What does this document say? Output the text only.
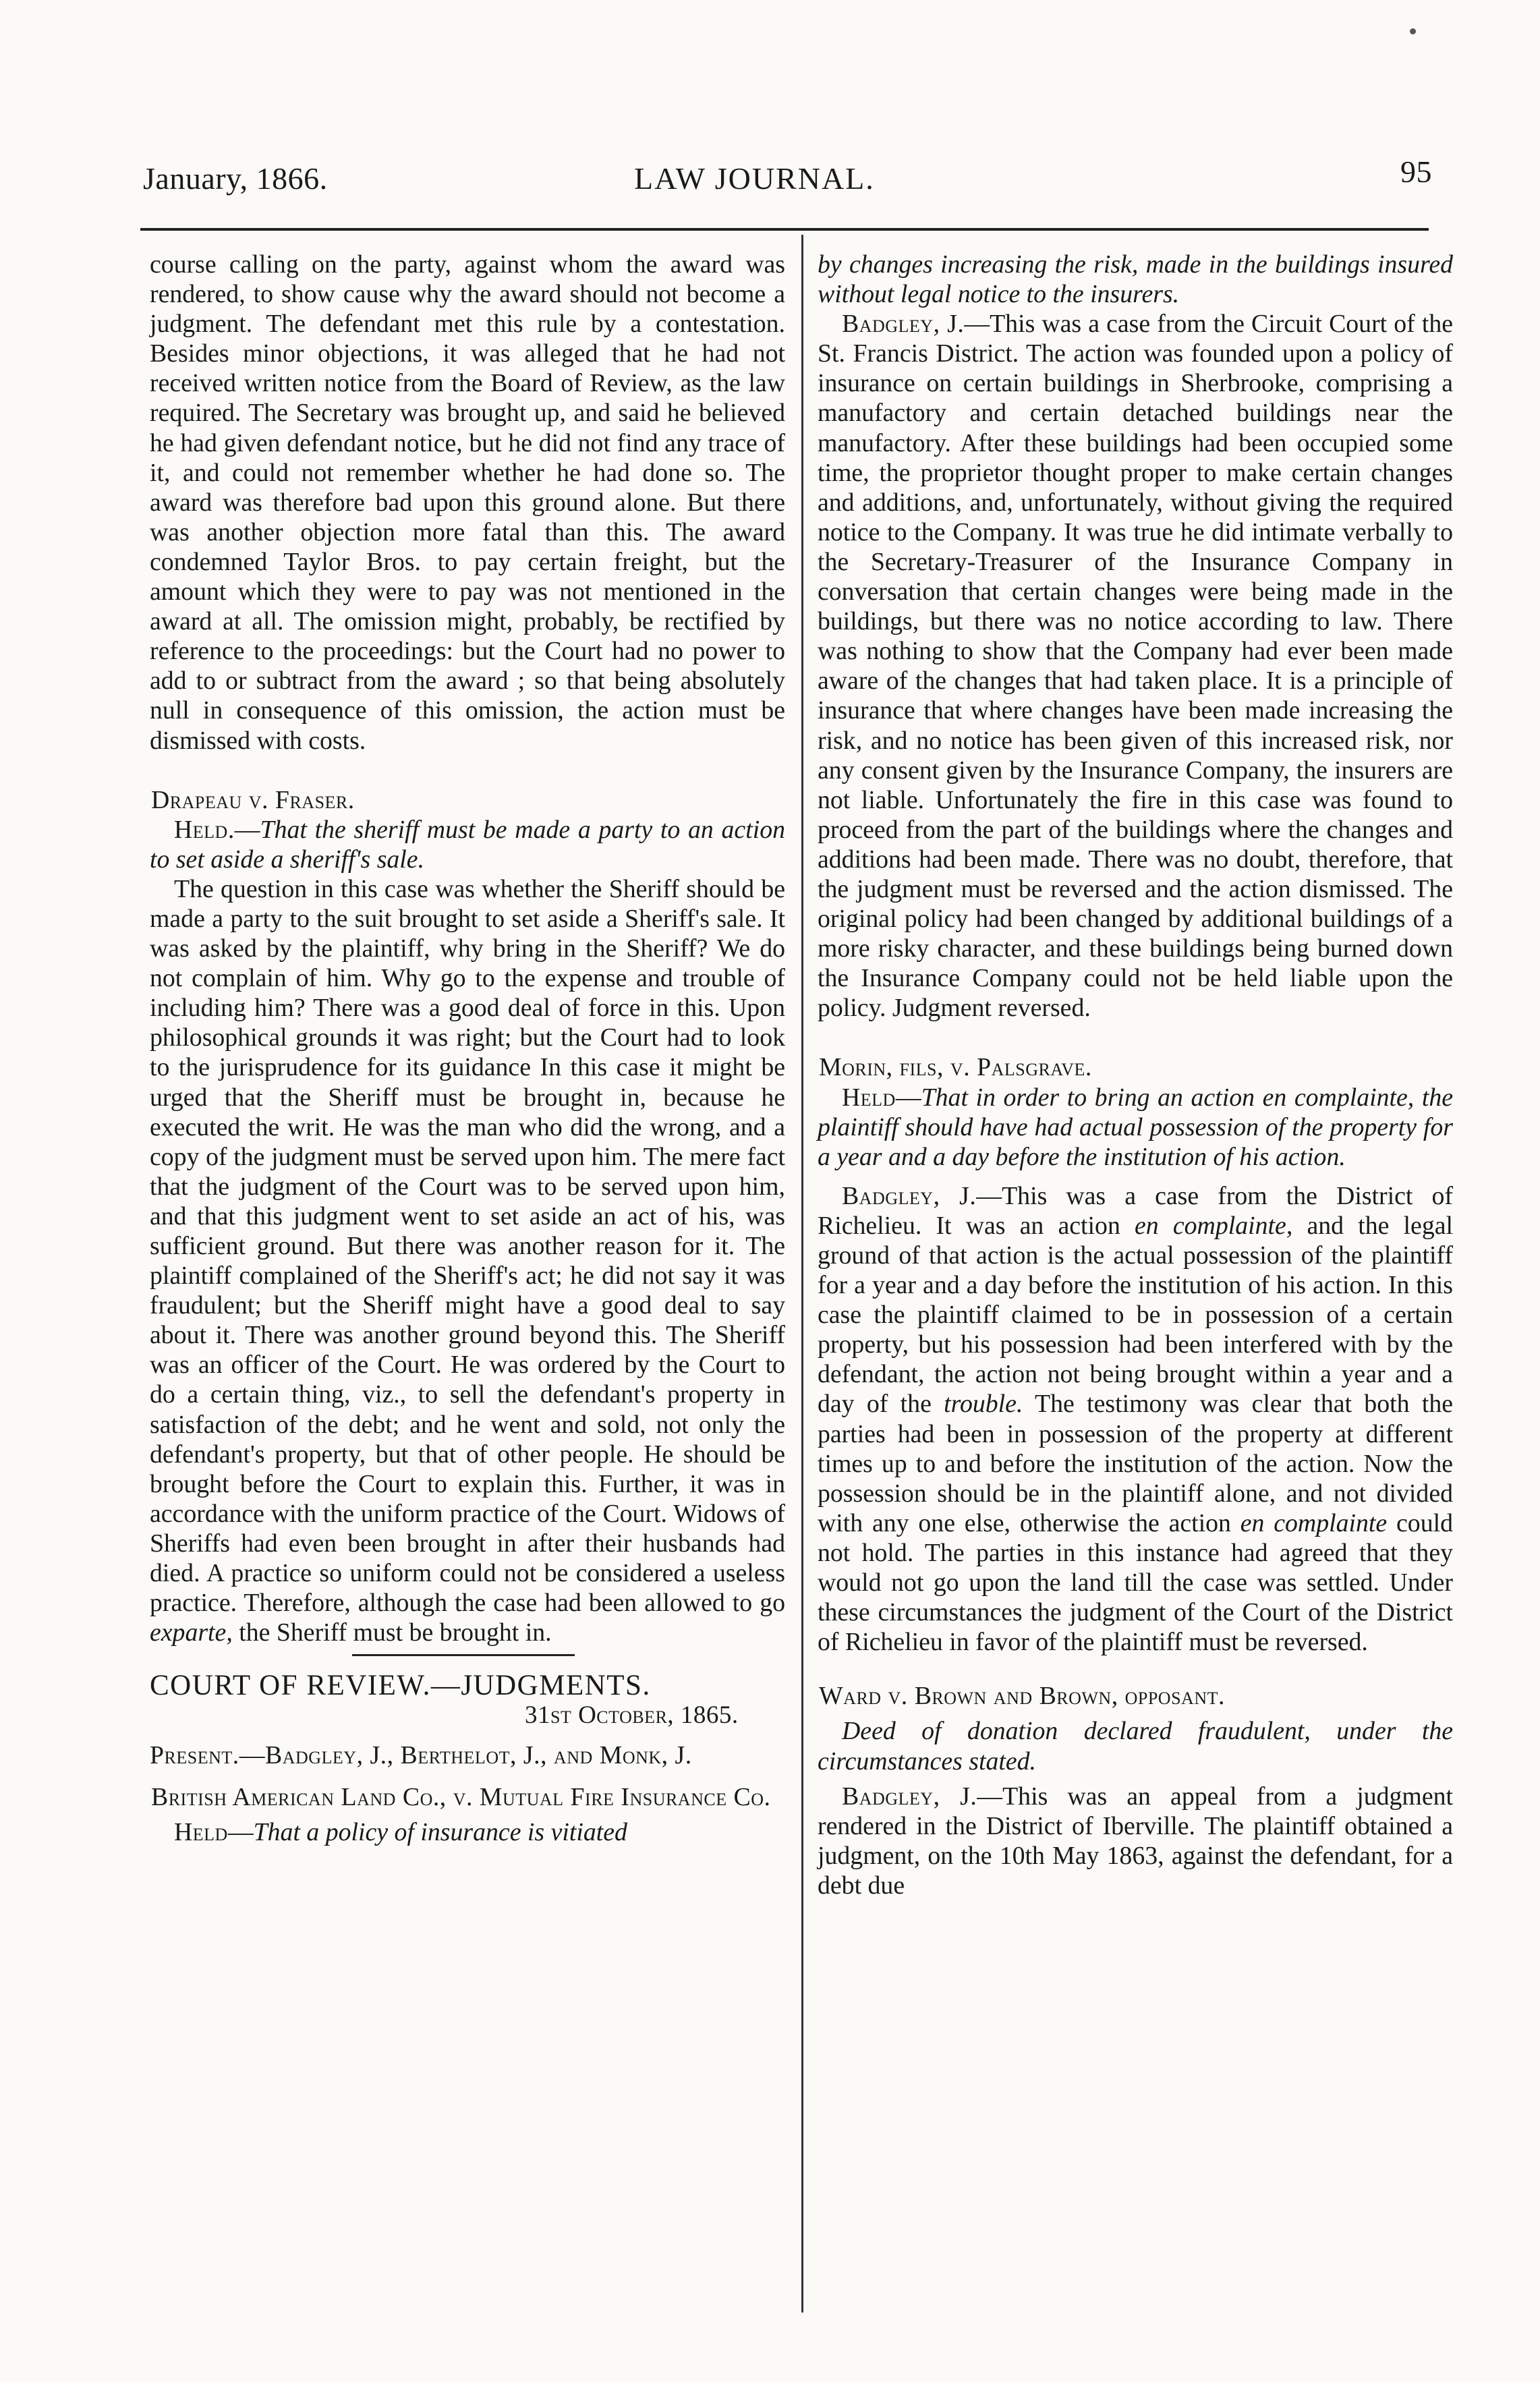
January, 1866.	LAW JOURNAL.	95

course calling on the party, against whom the award was rendered, to show cause why the award should not become a judgment. The defendant met this rule by a contestation. Besides minor objections, it was alleged that he had not received written notice from the Board of Review, as the law required. The Secretary was brought up, and said he believed he had given defendant notice, but he did not find any trace of it, and could not remember whether he had done so. The award was therefore bad upon this ground alone. But there was another objection more fatal than this. The award condemned Taylor Bros. to pay certain freight, but the amount which they were to pay was not mentioned in the award at all. The omission might, probably, be rectified by reference to the proceedings: but the Court had no power to add to or subtract from the award ; so that being absolutely null in consequence of this omission, the action must be dismissed with costs.

Drapeau v. Fraser.

Held.—That the sheriff must be made a party to an action to set aside a sheriff's sale.

The question in this case was whether the Sheriff should be made a party to the suit brought to set aside a Sheriff's sale. It was asked by the plaintiff, why bring in the Sheriff? We do not complain of him. Why go to the expense and trouble of including him? There was a good deal of force in this. Upon philosophical grounds it was right; but the Court had to look to the jurisprudence for its guidance In this case it might be urged that the Sheriff must be brought in, because he executed the writ. He was the man who did the wrong, and a copy of the judgment must be served upon him. The mere fact that the judgment of the Court was to be served upon him, and that this judgment went to set aside an act of his, was sufficient ground. But there was another reason for it. The plaintiff complained of the Sheriff's act; he did not say it was fraudulent; but the Sheriff might have a good deal to say about it. There was another ground beyond this. The Sheriff was an officer of the Court. He was ordered by the Court to do a certain thing, viz., to sell the defendant's property in satisfaction of the debt; and he went and sold, not only the defendant's property, but that of other people. He should be brought before the Court to explain this. Further, it was in accordance with the uniform practice of the Court. Widows of Sheriffs had even been brought in after their husbands had died. A practice so uniform could not be considered a useless practice. Therefore, although the case had been allowed to go exparte, the Sheriff must be brought in.

COURT OF REVIEW.—JUDGMENTS.

31st October, 1865.

Present.—Badgley, J., Berthelot, J., and Monk, J.

British American Land Co., v. Mutual Fire Insurance Co.

Held—That a policy of insurance is vitiated

by changes increasing the risk, made in the buildings insured without legal notice to the insurers.

Badgley, J.—This was a case from the Circuit Court of the St. Francis District. The action was founded upon a policy of insurance on certain buildings in Sherbrooke, comprising a manufactory and certain detached buildings near the manufactory. After these buildings had been occupied some time, the proprietor thought proper to make certain changes and additions, and, unfortunately, without giving the required notice to the Company. It was true he did intimate verbally to the Secretary-Treasurer of the Insurance Company in conversation that certain changes were being made in the buildings, but there was no notice according to law. There was nothing to show that the Company had ever been made aware of the changes that had taken place. It is a principle of insurance that where changes have been made increasing the risk, and no notice has been given of this increased risk, nor any consent given by the Insurance Company, the insurers are not liable. Unfortunately the fire in this case was found to proceed from the part of the buildings where the changes and additions had been made. There was no doubt, therefore, that the judgment must be reversed and the action dismissed. The original policy had been changed by additional buildings of a more risky character, and these buildings being burned down the Insurance Company could not be held liable upon the policy. Judgment reversed.

Morin, fils, v. Palsgrave.

Held—That in order to bring an action en complainte, the plaintiff should have had actual possession of the property for a year and a day before the institution of his action.

Badgley, J.—This was a case from the District of Richelieu. It was an action en complainte, and the legal ground of that action is the actual possession of the plaintiff for a year and a day before the institution of his action. In this case the plaintiff claimed to be in possession of a certain property, but his possession had been interfered with by the defendant, the action not being brought within a year and a day of the trouble. The testimony was clear that both the parties had been in possession of the property at different times up to and before the institution of the action. Now the possession should be in the plaintiff alone, and not divided with any one else, otherwise the action en complainte could not hold. The parties in this instance had agreed that they would not go upon the land till the case was settled. Under these circumstances the judgment of the Court of the District of Richelieu in favor of the plaintiff must be reversed.

Ward v. Brown and Brown, opposant.

Deed of donation declared fraudulent, under the circumstances stated.

Badgley, J.—This was an appeal from a judgment rendered in the District of Iberville. The plaintiff obtained a judgment, on the 10th May 1863, against the defendant, for a debt due
